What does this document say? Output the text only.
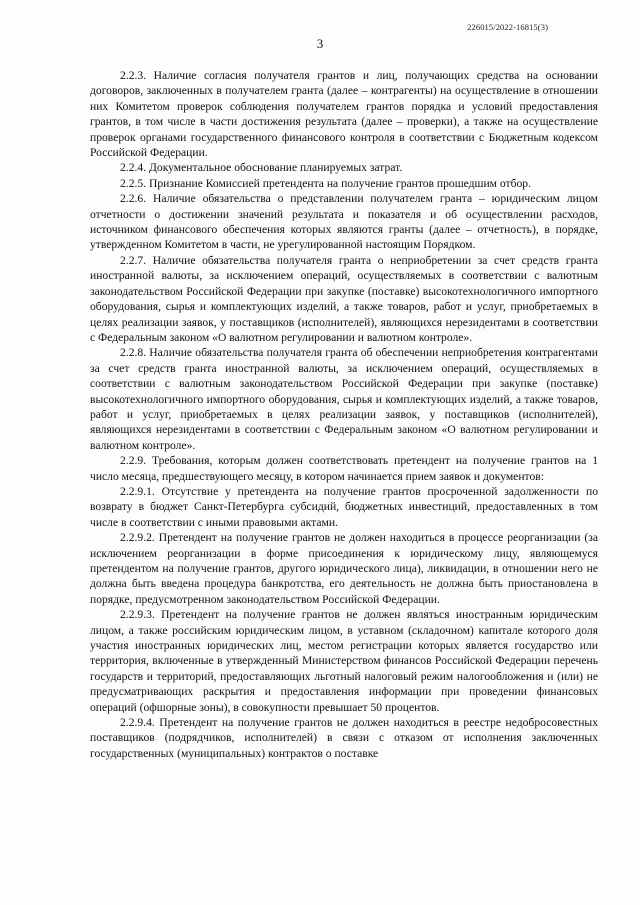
226015/2022-16815(3)
3

2.2.3. Наличие согласия получателя грантов и лиц, получающих средства на основании договоров, заключенных в получателем гранта (далее – контрагенты) на осуществление в отношении них Комитетом проверок соблюдения получателем грантов порядка и условий предоставления грантов, в том числе в части достижения результата (далее – проверки), а также на осуществление проверок органами государственного финансового контроля в соответствии с Бюджетным кодексом Российской Федерации.

2.2.4. Документальное обоснование планируемых затрат.

2.2.5. Признание Комиссией претендента на получение грантов прошедшим отбор.

2.2.6. Наличие обязательства о представлении получателем гранта – юридическим лицом отчетности о достижении значений результата и показателя и об осуществлении расходов, источником финансового обеспечения которых являются гранты (далее – отчетность), в порядке, утвержденном Комитетом в части, не урегулированной настоящим Порядком.

2.2.7. Наличие обязательства получателя гранта о неприобретении за счет средств гранта иностранной валюты, за исключением операций, осуществляемых в соответствии с валютным законодательством Российской Федерации при закупке (поставке) высокотехнологичного импортного оборудования, сырья и комплектующих изделий, а также товаров, работ и услуг, приобретаемых в целях реализации заявок, у поставщиков (исполнителей), являющихся нерезидентами в соответствии с Федеральным законом «О валютном регулировании и валютном контроле».

2.2.8. Наличие обязательства получателя гранта об обеспечении неприобретения контрагентами за счет средств гранта иностранной валюты, за исключением операций, осуществляемых в соответствии с валютным законодательством Российской Федерации при закупке (поставке) высокотехнологичного импортного оборудования, сырья и комплектующих изделий, а также товаров, работ и услуг, приобретаемых в целях реализации заявок, у поставщиков (исполнителей), являющихся нерезидентами в соответствии с Федеральным законом «О валютном регулировании и валютном контроле».

2.2.9. Требования, которым должен соответствовать претендент на получение грантов на 1 число месяца, предшествующего месяцу, в котором начинается прием заявок и документов:

2.2.9.1. Отсутствие у претендента на получение грантов просроченной задолженности по возврату в бюджет Санкт-Петербурга субсидий, бюджетных инвестиций, предоставленных в том числе в соответствии с иными правовыми актами.

2.2.9.2. Претендент на получение грантов не должен находиться в процессе реорганизации (за исключением реорганизации в форме присоединения к юридическому лицу, являющемуся претендентом на получение грантов, другого юридического лица), ликвидации, в отношении него не должна быть введена процедура банкротства, его деятельность не должна быть приостановлена в порядке, предусмотренном законодательством Российской Федерации.

2.2.9.3. Претендент на получение грантов не должен являться иностранным юридическим лицом, а также российским юридическим лицом, в уставном (складочном) капитале которого доля участия иностранных юридических лиц, местом регистрации которых является государство или территория, включенные в утвержденный Министерством финансов Российской Федерации перечень государств и территорий, предоставляющих льготный налоговый режим налогообложения и (или) не предусматривающих раскрытия и предоставления информации при проведении финансовых операций (офшорные зоны), в совокупности превышает 50 процентов.

2.2.9.4. Претендент на получение грантов не должен находиться в реестре недобросовестных поставщиков (подрядчиков, исполнителей) в связи с отказом от исполнения заключенных государственных (муниципальных) контрактов о поставке
